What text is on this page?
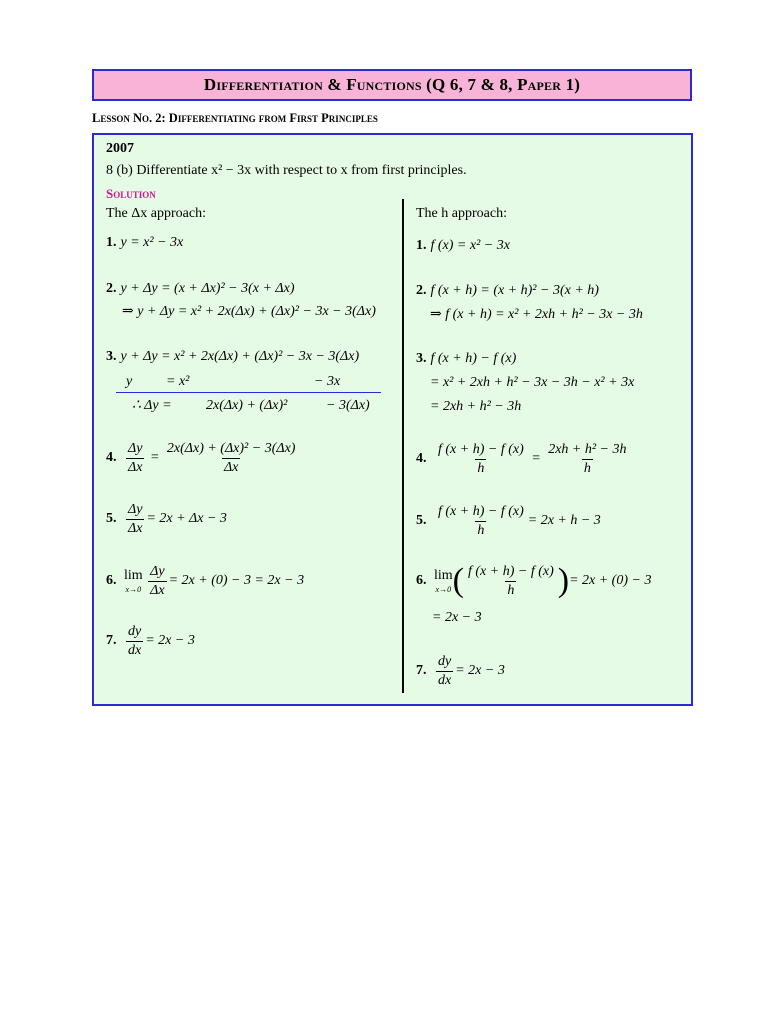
Differentiation & Functions (Q 6, 7 & 8, Paper 1)
Lesson No. 2: Differentiating from First Principles
2007
8 (b) Differentiate x² − 3x with respect to x from first principles.
Solution
The Δx approach:	The h approach:
1. y = x² − 3x
2. y + Δy = (x + Δx)² − 3(x + Δx)
⇒ y + Δy = x² + 2x(Δx) + (Δx)² − 3x − 3(Δx)
3. y + Δy = x² + 2x(Δx) + (Δx)² − 3x − 3(Δx)
y = x²	− 3x
∴ Δy = 2x(Δx) + (Δx)²	− 3(Δx)
4. $\frac{\Delta y}{\Delta x} = \frac{\text{2x(Δx) + (Δx)² − 3(Δx)}}{\Delta x}$
5. $\frac{\Delta y}{\Delta x} = 2x + \Delta x - 3$
6. lim
x→0
$\frac{\Delta y}{\Delta x} = 2x + (0) - 3 = 2x - 3$
7. $\frac{dy}{dx} = 2x - 3$
1. f (x) = x² − 3x
2. f (x + h) = (x + h)² − 3(x + h)
⇒ f (x + h) = x² + 2xh + h² − 3x − 3h
3. f (x + h) − f (x)
= x² + 2xh + h² − 3x − 3h − x² + 3x
= 2xh + h² − 3h
4. $\frac{f (x + h) - f (x)}{h} = \frac{\text{2xh + h² − 3h}}{h}$
5. $\frac{f (x + h) - f (x)}{h} = 2x + h - 3$
6. lim
x→0 ( $\frac{f (x + h) - f (x)}{h}$ )= 2x + (0) − 3
= 2x − 3
7. $\frac{dy}{dx} = 2x - 3$
